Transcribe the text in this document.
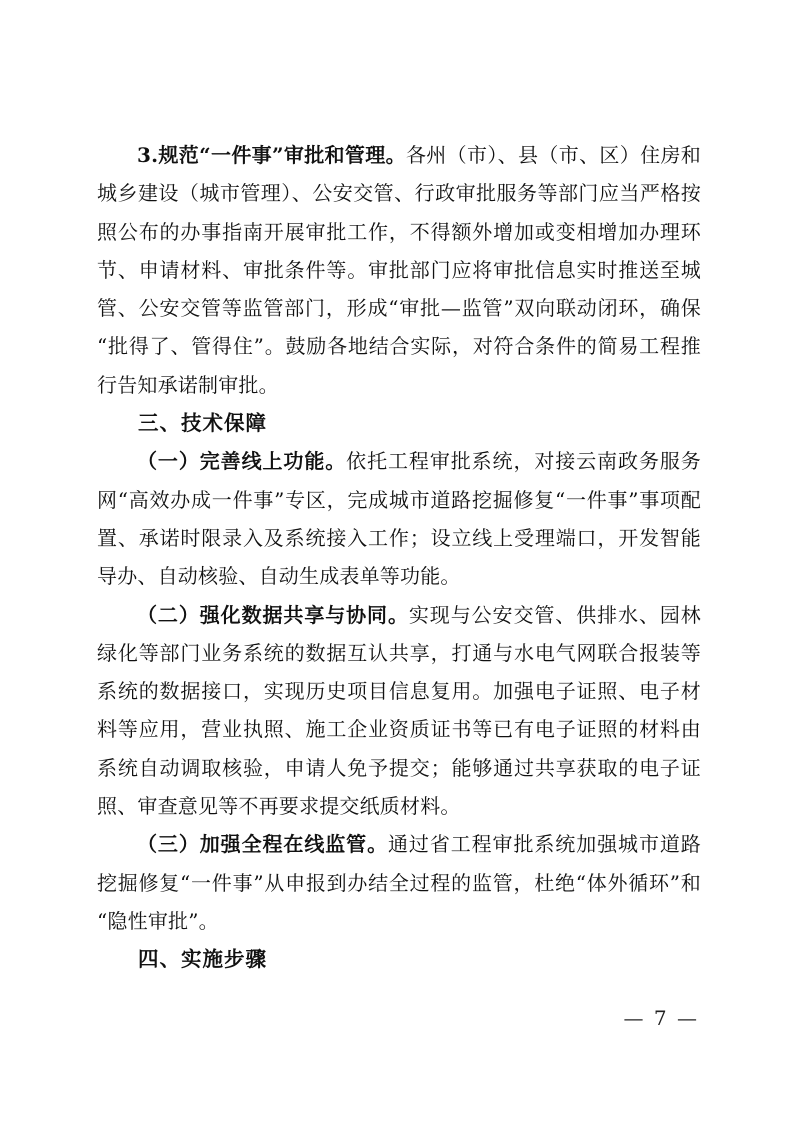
3.规范“一件事”审批和管理。各州（市）、县（市、区）住房和城乡建设（城市管理）、公安交管、行政审批服务等部门应当严格按照公布的办事指南开展审批工作，不得额外增加或变相增加办理环节、申请材料、审批条件等。审批部门应将审批信息实时推送至城管、公安交管等监管部门，形成“审批—监管”双向联动闭环，确保“批得了、管得住”。鼓励各地结合实际，对符合条件的简易工程推行告知承诺制审批。

三、技术保障

（一）完善线上功能。依托工程审批系统，对接云南政务服务网“高效办成一件事”专区，完成城市道路挖掘修复“一件事”事项配置、承诺时限录入及系统接入工作；设立线上受理端口，开发智能导办、自动核验、自动生成表单等功能。

（二）强化数据共享与协同。实现与公安交管、供排水、园林绿化等部门业务系统的数据互认共享，打通与水电气网联合报装等系统的数据接口，实现历史项目信息复用。加强电子证照、电子材料等应用，营业执照、施工企业资质证书等已有电子证照的材料由系统自动调取核验，申请人免予提交；能够通过共享获取的电子证照、审查意见等不再要求提交纸质材料。

（三）加强全程在线监管。通过省工程审批系统加强城市道路挖掘修复“一件事”从申报到办结全过程的监管，杜绝“体外循环”和“隐性审批”。

四、实施步骤

— 7 —
